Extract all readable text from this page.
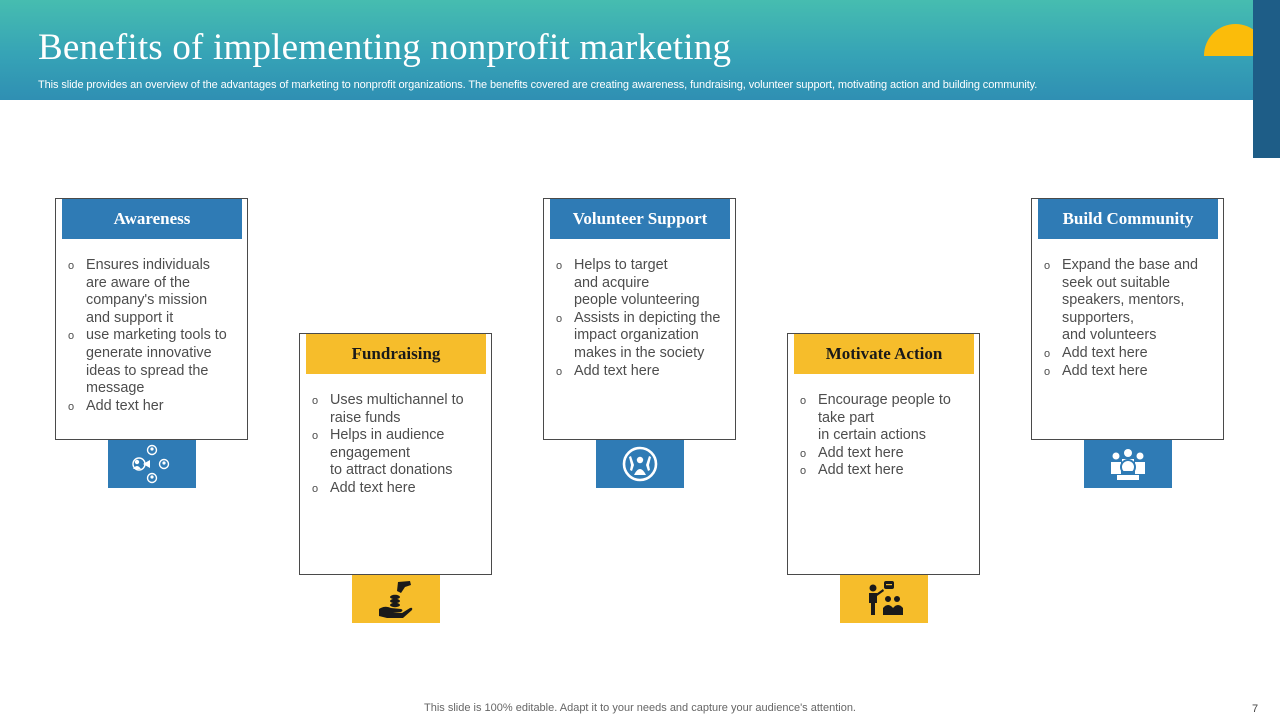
Benefits of implementing nonprofit marketing

This slide provides an overview of the advantages of marketing to nonprofit organizations. The benefits covered are creating awareness, fundraising, volunteer support, motivating action and building community.

Awareness
o Ensures individuals
are aware of the
company's mission
and support it
o use marketing tools to
generate innovative
ideas to spread the
message
o Add text her
Fundraising
o Uses multichannel to
raise funds
o Helps in audience
engagement
to attract donations
o Add text here
Volunteer Support
o Helps to target
and acquire
people volunteering
o Assists in depicting the
impact organization
makes in the society
o Add text here
Motivate Action
o Encourage people to
take part
in certain actions
o Add text here
o Add text here
Build Community
o Expand the base and
seek out suitable
speakers, mentors,
supporters,
and volunteers
o Add text here
o Add text here

This slide is 100% editable. Adapt it to your needs and capture your audience's attention.	7
